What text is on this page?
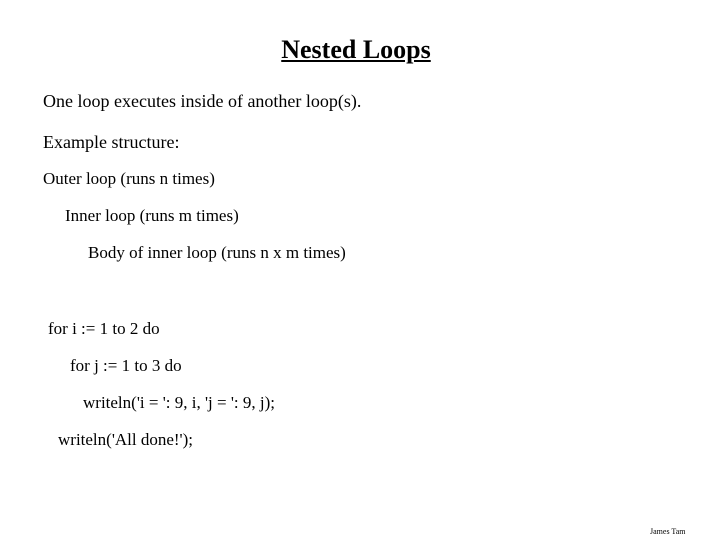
Nested Loops
One loop executes inside of another loop(s).
Example structure:
Outer loop (runs n times)
Inner loop (runs m times)
Body of inner loop (runs n x m times)
for i := 1 to 2 do
for j := 1 to 3 do
writeln('i = ': 9, i, 'j = ': 9, j);
writeln('All done!');
James Tam
